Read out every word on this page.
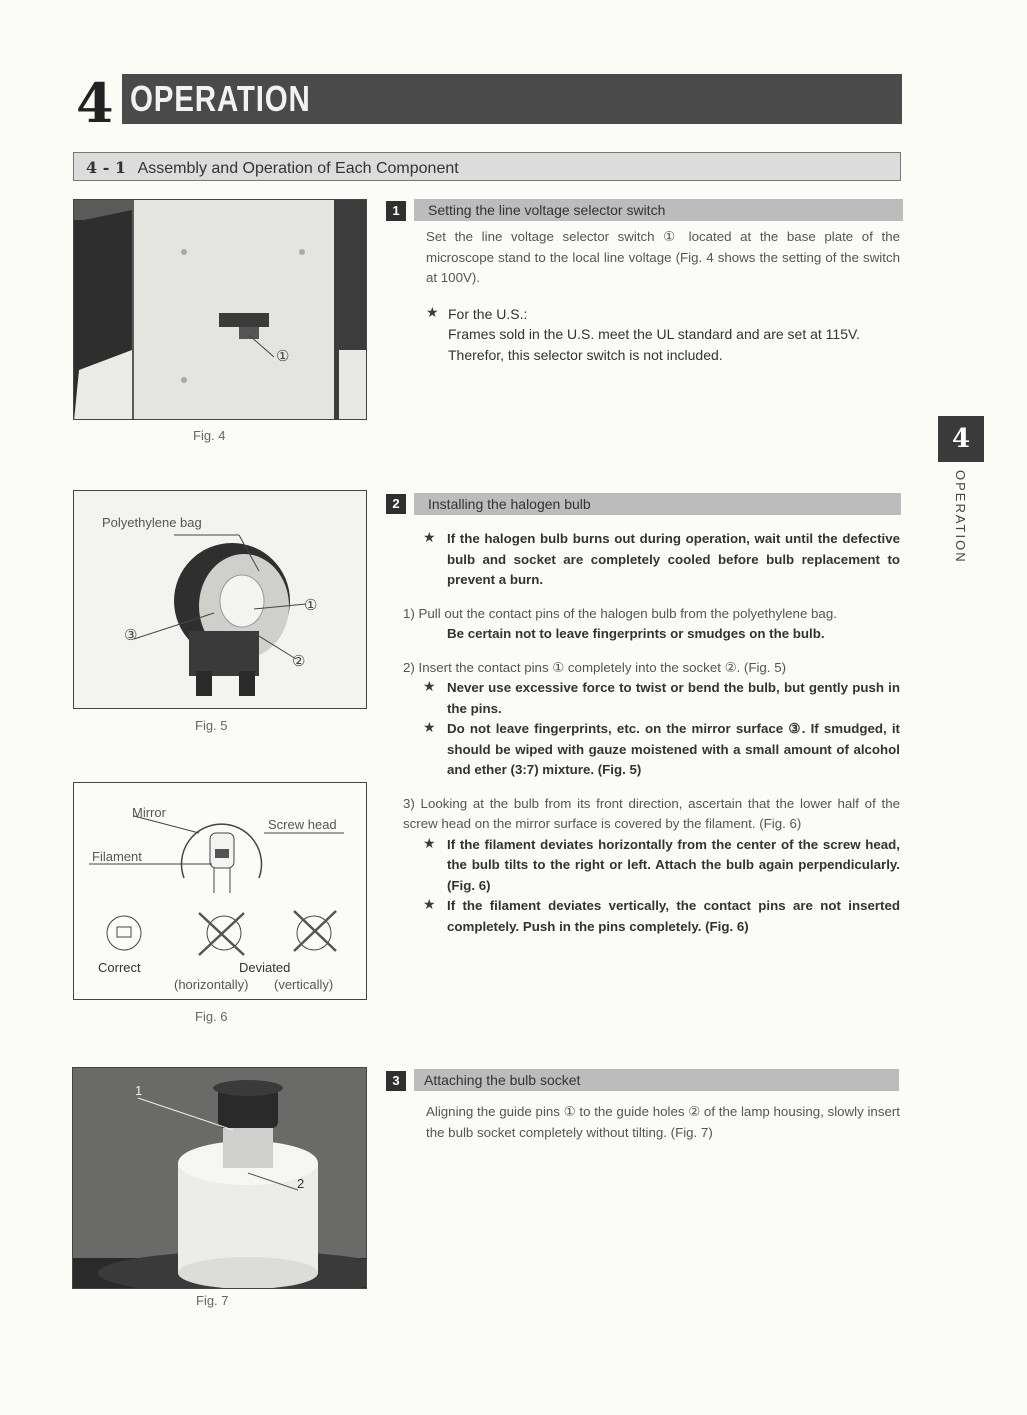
4 OPERATION
4 - 1 Assembly and Operation of Each Component
4
OPERATION
①
Fig. 4
Polyethylene bag
①
②
③
Fig. 5
Mirror
Screw head
Filament
Correct	Deviated
(horizontally) (vertically)
Fig. 6
1
2
Fig. 7
1	Setting the line voltage selector switch

Set the line voltage selector switch ① located at the base plate of the microscope stand to the local line voltage (Fig. 4 shows the setting of the switch at 100V).

★ For the U.S.:

Frames sold in the U.S. meet the UL standard and are set at 115V. Therefor, this selector switch is not included.

2	Installing the halogen bulb
★ If the halogen bulb burns out during operation, wait until the defective bulb and socket are completely cooled before bulb replacement to prevent a burn.

1) Pull out the contact pins of the halogen bulb from the polyethylene bag.

Be certain not to leave fingerprints or smudges on the bulb.

2) Insert the contact pins ① completely into the socket ②. (Fig. 5)

★ Never use excessive force to twist or bend the bulb, but gently push in the pins.

★ Do not leave fingerprints, etc. on the mirror surface ③. If smudged, it should be wiped with gauze moistened with a small amount of alcohol and ether (3:7) mixture. (Fig. 5)

3) Looking at the bulb from its front direction, ascertain that the lower half of the screw head on the mirror surface is covered by the filament. (Fig. 6)

★ If the filament deviates horizontally from the center of the screw head, the bulb tilts to the right or left. Attach the bulb again perpendicularly. (Fig. 6)

★ If the filament deviates vertically, the contact pins are not inserted completely. Push in the pins completely. (Fig. 6)

3	Attaching the bulb socket

Aligning the guide pins ① to the guide holes ② of the lamp housing, slowly insert the bulb socket completely without tilting. (Fig. 7)
